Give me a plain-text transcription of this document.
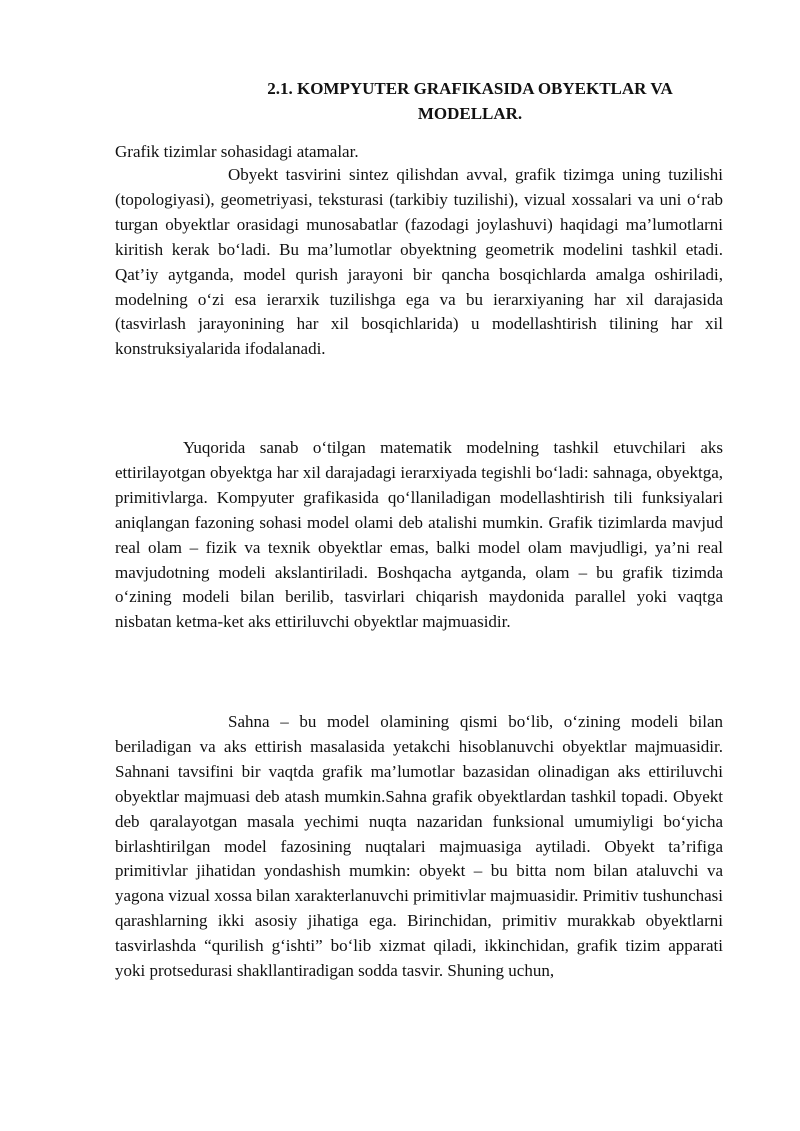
2.1. KOMPYUTER GRAFIKASIDA OBYEKTLAR VA MODELLAR.
Grafik tizimlar sohasidagi atamalar.

Obyekt tasvirini sintez qilishdan avval, grafik tizimga uning tuzilishi (topologiyasi), geometriyasi, teksturasi (tarkibiy tuzilishi), vizual xossalari va uni o‘rab turgan obyektlar orasidagi munosabatlar (fazodagi joylashuvi) haqidagi ma’lumotlarni kiritish kerak bo‘ladi. Bu ma’lumotlar obyektning geometrik modelini tashkil etadi. Qat’iy aytganda, model qurish jarayoni bir qancha bosqichlarda amalga oshiriladi, modelning o‘zi esa ierarxik tuzilishga ega va bu ierarxiyaning har xil darajasida (tasvirlash jarayonining har xil bosqichlarida) u modellashtirish tilining har xil konstruksiyalarida ifodalanadi.

Yuqorida sanab o‘tilgan matematik modelning tashkil etuvchilari aks ettirilayotgan obyektga har xil darajadagi ierarxiyada tegishli bo‘ladi: sahnaga, obyektga, primitivlarga. Kompyuter grafikasida qo‘llaniladigan modellashtirish tili funksiyalari aniqlangan fazoning sohasi model olami deb atalishi mumkin. Grafik tizimlarda mavjud real olam – fizik va texnik obyektlar emas, balki model olam mavjudligi, ya’ni real mavjudotning modeli akslantiriladi. Boshqacha aytganda, olam – bu grafik tizimda o‘zining modeli bilan berilib, tasvirlari chiqarish maydonida parallel yoki vaqtga nisbatan ketma-ket aks ettiriluvchi obyektlar majmuasidir.

Sahna – bu model olamining qismi bo‘lib, o‘zining modeli bilan beriladigan va aks ettirish masalasida yetakchi hisoblanuvchi obyektlar majmuasidir. Sahnani tavsifini bir vaqtda grafik ma’lumotlar bazasidan olinadigan aks ettiriluvchi obyektlar majmuasi deb atash mumkin.Sahna grafik obyektlardan tashkil topadi. Obyekt deb qaralayotgan masala yechimi nuqta nazaridan funksional umumiyligi bo‘yicha birlashtirilgan model fazosining nuqtalari majmuasiga aytiladi. Obyekt ta’rifiga primitivlar jihatidan yondashish mumkin: obyekt – bu bitta nom bilan ataluvchi va yagona vizual xossa bilan xarakterlanuvchi primitivlar majmuasidir. Primitiv tushunchasi qarashlarning ikki asosiy jihatiga ega. Birinchidan, primitiv murakkab obyektlarni tasvirlashda “qurilish g‘ishti” bo‘lib xizmat qiladi, ikkinchidan, grafik tizim apparati yoki protsedurasi shakllantiradigan sodda tasvir. Shuning uchun,
